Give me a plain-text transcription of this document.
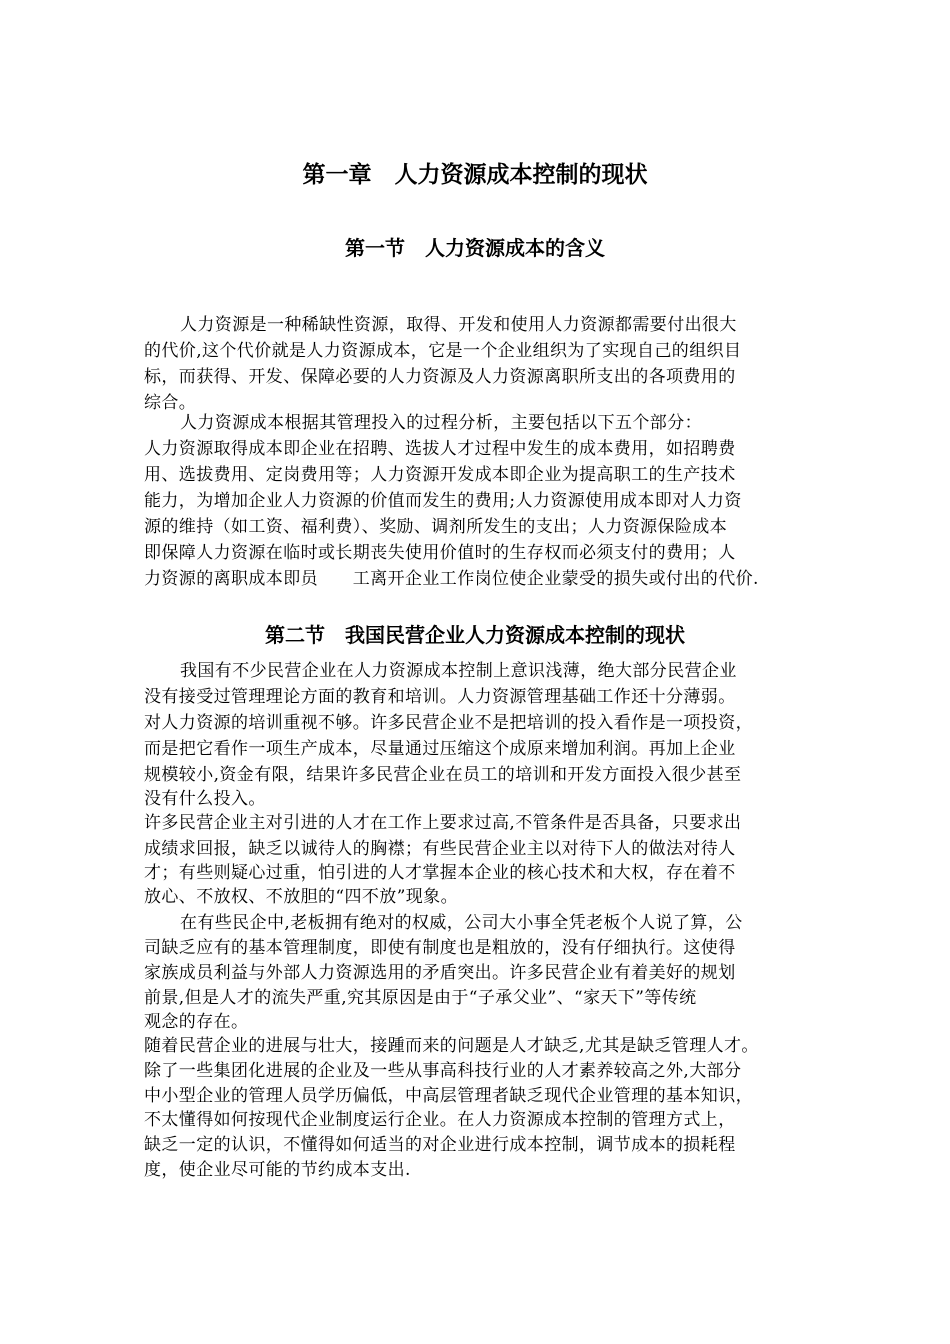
第一章　人力资源成本控制的现状
第一节　人力资源成本的含义
人力资源是一种稀缺性资源，取得、开发和使用人力资源都需要付出很大
的代价,这个代价就是人力资源成本，它是一个企业组织为了实现自己的组织目
标，而获得、开发、保障必要的人力资源及人力资源离职所支出的各项费用的
综合。
人力资源成本根据其管理投入的过程分析，主要包括以下五个部分：
人力资源取得成本即企业在招聘、选拔人才过程中发生的成本费用，如招聘费
用、选拔费用、定岗费用等；人力资源开发成本即企业为提高职工的生产技术
能力，为增加企业人力资源的价值而发生的费用;人力资源使用成本即对人力资
源的维持（如工资、福利费）、奖励、调剂所发生的支出；人力资源保险成本
即保障人力资源在临时或长期丧失使用价值时的生存权而必须支付的费用；人
力资源的离职成本即员　　工离开企业工作岗位使企业蒙受的损失或付出的代价.
第二节　我国民营企业人力资源成本控制的现状
我国有不少民营企业在人力资源成本控制上意识浅薄，绝大部分民营企业
没有接受过管理理论方面的教育和培训。人力资源管理基础工作还十分薄弱。
对人力资源的培训重视不够。许多民营企业不是把培训的投入看作是一项投资，
而是把它看作一项生产成本，尽量通过压缩这个成原来增加利润。再加上企业
规模较小,资金有限，结果许多民营企业在员工的培训和开发方面投入很少甚至
没有什么投入。
许多民营企业主对引进的人才在工作上要求过高,不管条件是否具备，只要求出
成绩求回报，缺乏以诚待人的胸襟；有些民营企业主以对待下人的做法对待人
才；有些则疑心过重，怕引进的人才掌握本企业的核心技术和大权，存在着不
放心、不放权、不放胆的“四不放”现象。
在有些民企中,老板拥有绝对的权威，公司大小事全凭老板个人说了算，公
司缺乏应有的基本管理制度，即使有制度也是粗放的，没有仔细执行。这使得
家族成员利益与外部人力资源选用的矛盾突出。许多民营企业有着美好的规划
前景,但是人才的流失严重,究其原因是由于“子承父业”、“家天下”等传统
观念的存在。
随着民营企业的进展与壮大，接踵而来的问题是人才缺乏,尤其是缺乏管理人才。
除了一些集团化进展的企业及一些从事高科技行业的人才素养较高之外,大部分
中小型企业的管理人员学历偏低，中高层管理者缺乏现代企业管理的基本知识，
不太懂得如何按现代企业制度运行企业。在人力资源成本控制的管理方式上，
缺乏一定的认识，不懂得如何适当的对企业进行成本控制，调节成本的损耗程
度，使企业尽可能的节约成本支出.
